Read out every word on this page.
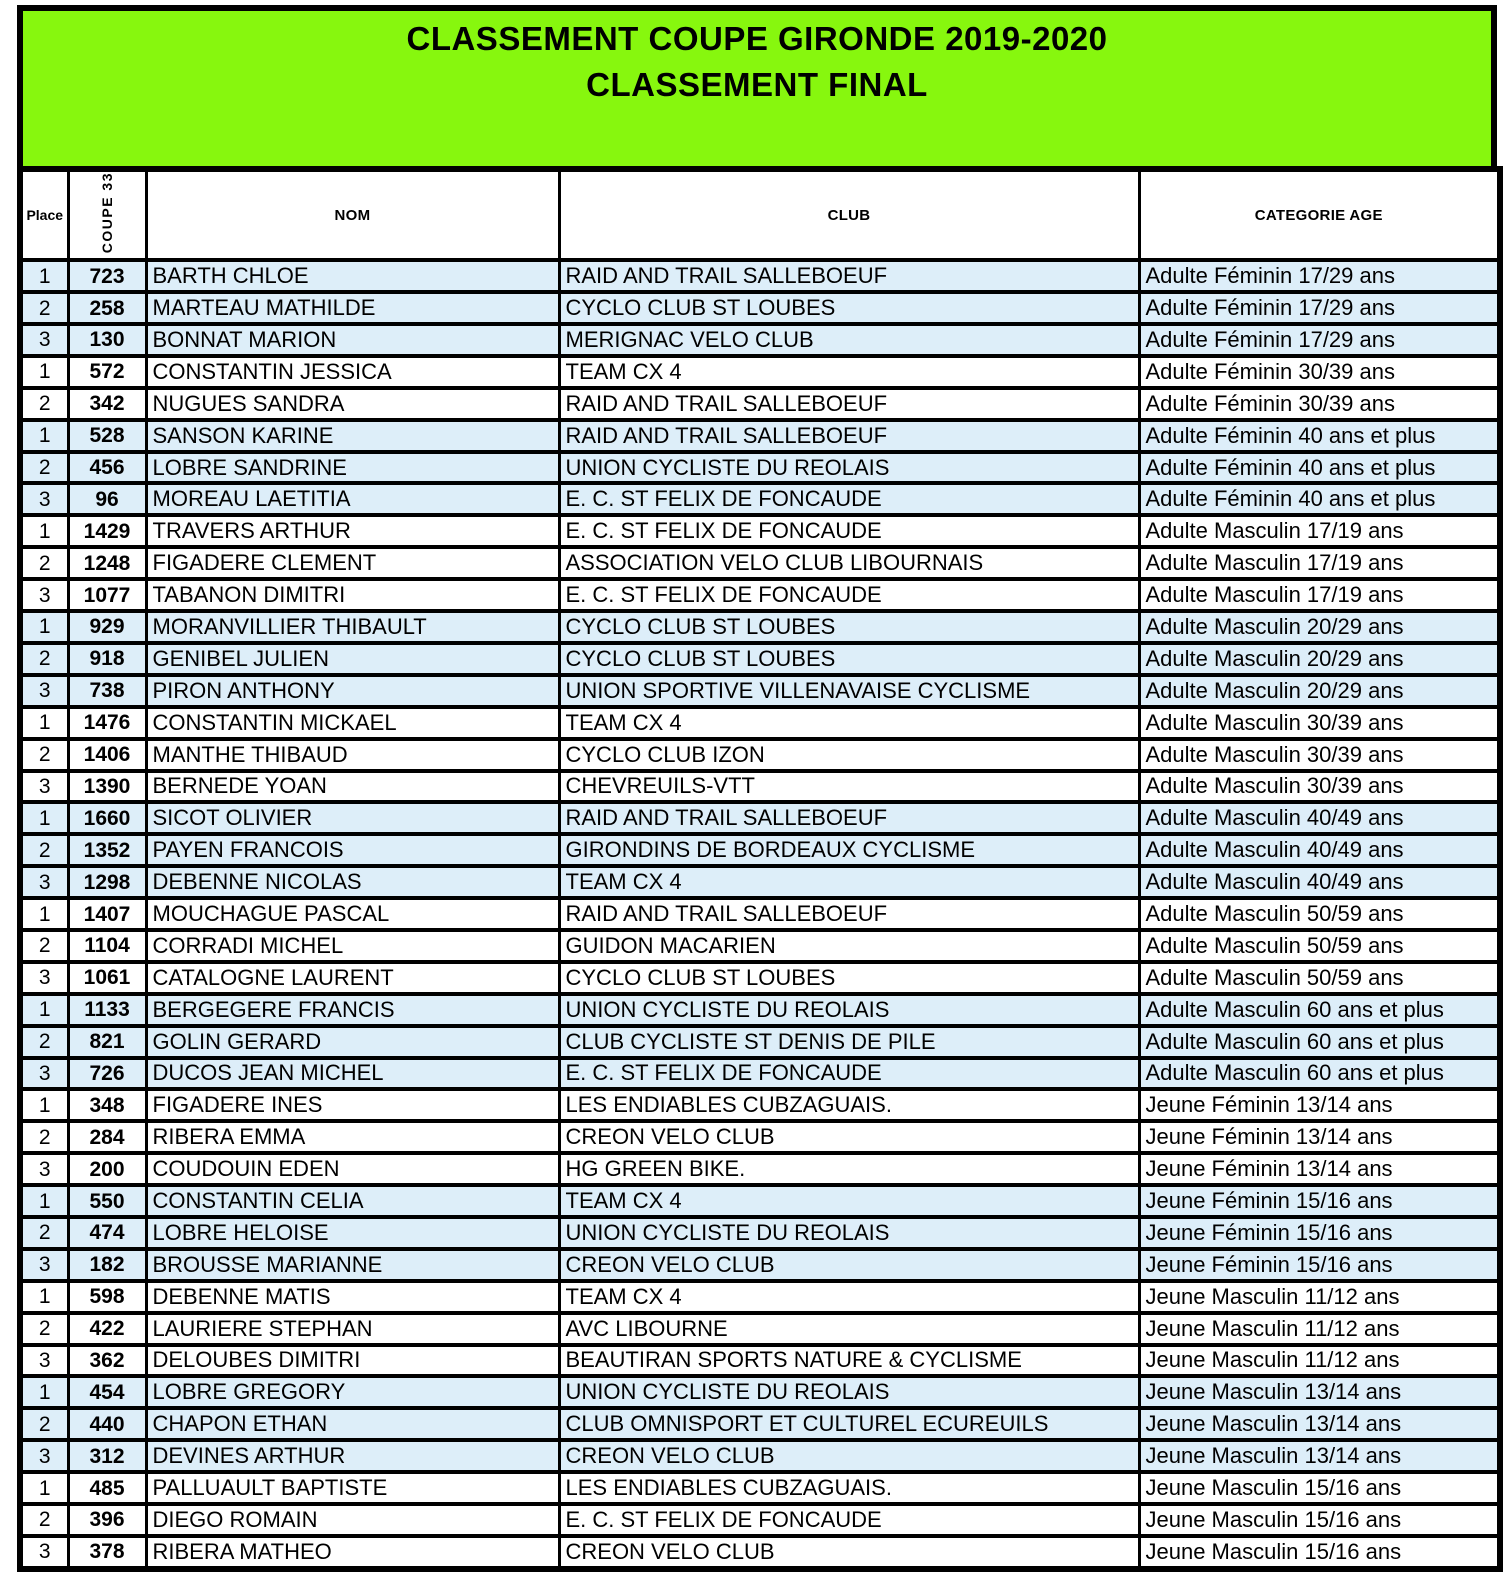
CLASSEMENT COUPE GIRONDE 2019-2020
CLASSEMENT FINAL
Place	COUPE 33	NOM	CLUB	CATEGORIE AGE
1	723	BARTH CHLOE	RAID AND TRAIL SALLEBOEUF	Adulte Féminin 17/29 ans
2	258	MARTEAU MATHILDE	CYCLO CLUB ST LOUBES	Adulte Féminin 17/29 ans
3	130	BONNAT MARION	MERIGNAC VELO CLUB	Adulte Féminin 17/29 ans
1	572	CONSTANTIN JESSICA	TEAM CX 4	Adulte Féminin 30/39 ans
2	342	NUGUES SANDRA	RAID AND TRAIL SALLEBOEUF	Adulte Féminin 30/39 ans
1	528	SANSON KARINE	RAID AND TRAIL SALLEBOEUF	Adulte Féminin 40 ans et plus
2	456	LOBRE SANDRINE	UNION CYCLISTE DU REOLAIS	Adulte Féminin 40 ans et plus
3	96	MOREAU LAETITIA	E. C. ST FELIX DE FONCAUDE	Adulte Féminin 40 ans et plus
1	1429	TRAVERS ARTHUR	E. C. ST FELIX DE FONCAUDE	Adulte Masculin 17/19 ans
2	1248	FIGADERE CLEMENT	ASSOCIATION VELO CLUB LIBOURNAIS	Adulte Masculin 17/19 ans
3	1077	TABANON DIMITRI	E. C. ST FELIX DE FONCAUDE	Adulte Masculin 17/19 ans
1	929	MORANVILLIER THIBAULT	CYCLO CLUB ST LOUBES	Adulte Masculin 20/29 ans
2	918	GENIBEL JULIEN	CYCLO CLUB ST LOUBES	Adulte Masculin 20/29 ans
3	738	PIRON ANTHONY	UNION SPORTIVE VILLENAVAISE CYCLISME	Adulte Masculin 20/29 ans
1	1476	CONSTANTIN MICKAEL	TEAM CX 4	Adulte Masculin 30/39 ans
2	1406	MANTHE THIBAUD	CYCLO CLUB IZON	Adulte Masculin 30/39 ans
3	1390	BERNEDE YOAN	CHEVREUILS-VTT	Adulte Masculin 30/39 ans
1	1660	SICOT OLIVIER	RAID AND TRAIL SALLEBOEUF	Adulte Masculin 40/49 ans
2	1352	PAYEN FRANCOIS	GIRONDINS DE BORDEAUX CYCLISME	Adulte Masculin 40/49 ans
3	1298	DEBENNE NICOLAS	TEAM CX 4	Adulte Masculin 40/49 ans
1	1407	MOUCHAGUE PASCAL	RAID AND TRAIL SALLEBOEUF	Adulte Masculin 50/59 ans
2	1104	CORRADI MICHEL	GUIDON MACARIEN	Adulte Masculin 50/59 ans
3	1061	CATALOGNE LAURENT	CYCLO CLUB ST LOUBES	Adulte Masculin 50/59 ans
1	1133	BERGEGERE FRANCIS	UNION CYCLISTE DU REOLAIS	Adulte Masculin 60 ans et plus
2	821	GOLIN GERARD	CLUB CYCLISTE ST DENIS DE PILE	Adulte Masculin 60 ans et plus
3	726	DUCOS JEAN MICHEL	E. C. ST FELIX DE FONCAUDE	Adulte Masculin 60 ans et plus
1	348	FIGADERE INES	LES ENDIABLES CUBZAGUAIS.	Jeune Féminin 13/14 ans
2	284	RIBERA EMMA	CREON VELO CLUB	Jeune Féminin 13/14 ans
3	200	COUDOUIN EDEN	HG GREEN BIKE.	Jeune Féminin 13/14 ans
1	550	CONSTANTIN CELIA	TEAM CX 4	Jeune Féminin 15/16 ans
2	474	LOBRE HELOISE	UNION CYCLISTE DU REOLAIS	Jeune Féminin 15/16 ans
3	182	BROUSSE MARIANNE	CREON VELO CLUB	Jeune Féminin 15/16 ans
1	598	DEBENNE MATIS	TEAM CX 4	Jeune Masculin 11/12 ans
2	422	LAURIERE STEPHAN	AVC LIBOURNE	Jeune Masculin 11/12 ans
3	362	DELOUBES DIMITRI	BEAUTIRAN SPORTS NATURE & CYCLISME	Jeune Masculin 11/12 ans
1	454	LOBRE GREGORY	UNION CYCLISTE DU REOLAIS	Jeune Masculin 13/14 ans
2	440	CHAPON ETHAN	CLUB OMNISPORT ET CULTUREL ECUREUILS	Jeune Masculin 13/14 ans
3	312	DEVINES ARTHUR	CREON VELO CLUB	Jeune Masculin 13/14 ans
1	485	PALLUAULT BAPTISTE	LES ENDIABLES CUBZAGUAIS.	Jeune Masculin 15/16 ans
2	396	DIEGO ROMAIN	E. C. ST FELIX DE FONCAUDE	Jeune Masculin 15/16 ans
3	378	RIBERA MATHEO	CREON VELO CLUB	Jeune Masculin 15/16 ans
